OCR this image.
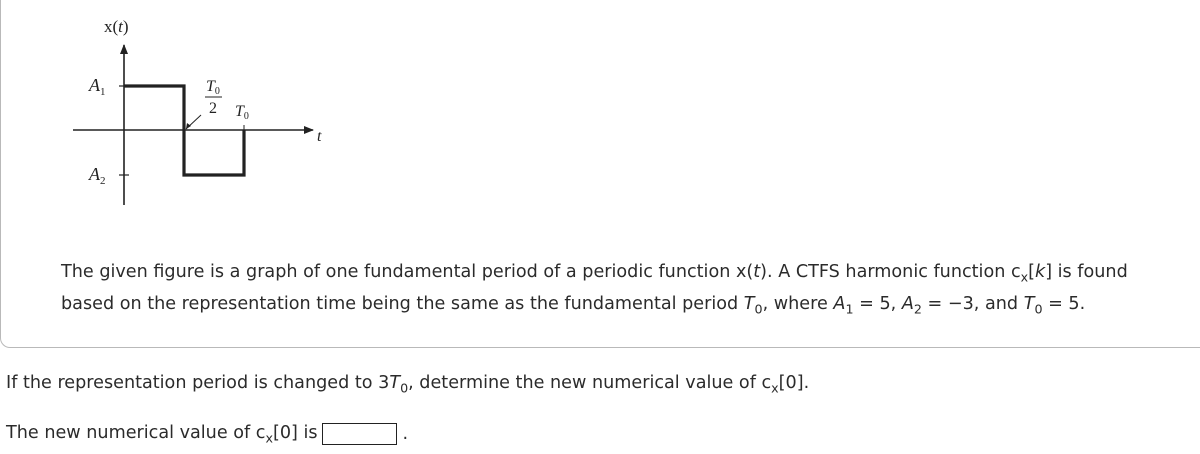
x(t)
$A_1$
$A_2$
T0
2 T0
t
The given figure is a graph of one fundamental period of a periodic function x(t). A CTFS harmonic function $c_x[k]$ is found
based on the representation time being the same as the fundamental period $T_0$, where $A_1 = 5$, $A_2 = -3$, and $T_0 = 5$.
If the representation period is changed to $3T_0$, determine the new numerical value of $c_x[0]$.
The new numerical value of $c_x[0]$ is	.
